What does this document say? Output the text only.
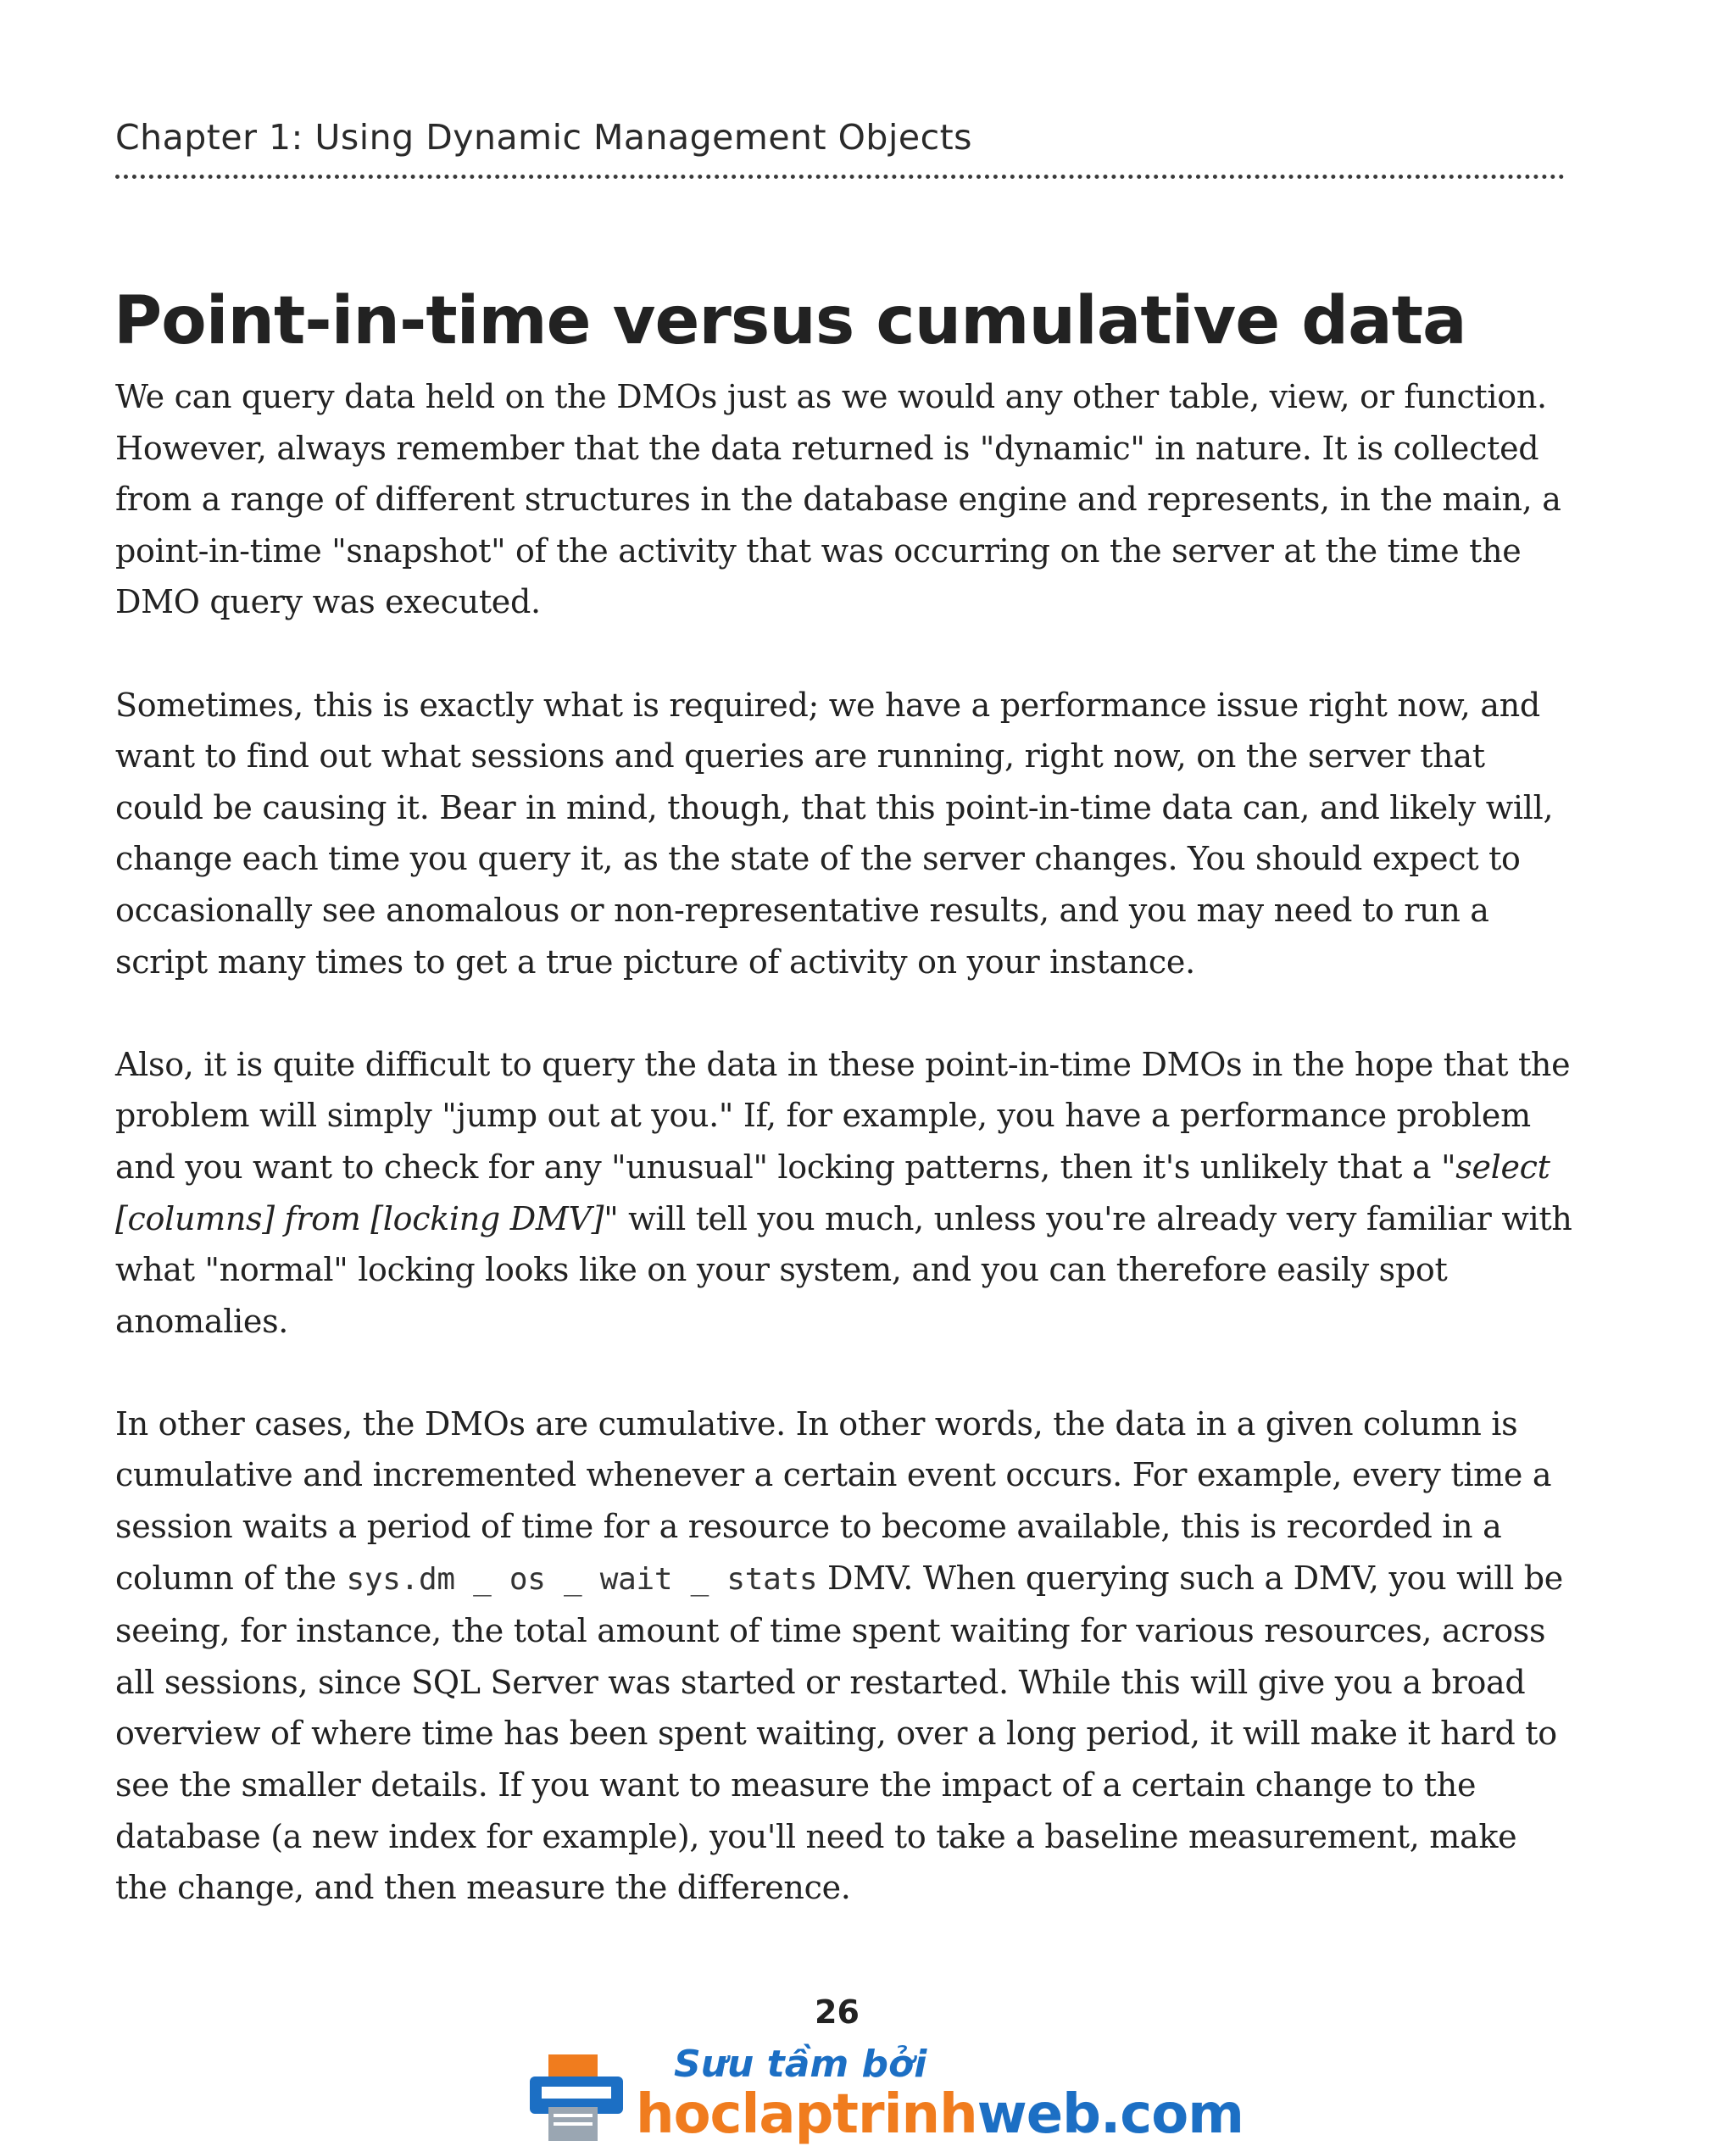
Chapter 1: Using Dynamic Management Objects
Point-in-time versus cumulative data

We can query data held on the DMOs just as we would any other table, view, or function. However, always remember that the data returned is "dynamic" in nature. It is collected from a range of different structures in the database engine and represents, in the main, a point-in-time "snapshot" of the activity that was occurring on the server at the time the DMO query was executed.

Sometimes, this is exactly what is required; we have a performance issue right now, and want to find out what sessions and queries are running, right now, on the server that could be causing it. Bear in mind, though, that this point-in-time data can, and likely will, change each time you query it, as the state of the server changes. You should expect to occasionally see anomalous or non-representative results, and you may need to run a script many times to get a true picture of activity on your instance.

Also, it is quite difficult to query the data in these point-in-time DMOs in the hope that the problem will simply "jump out at you." If, for example, you have a performance problem and you want to check for any "unusual" locking patterns, then it's unlikely that a "select [columns] from [locking DMV]" will tell you much, unless you're already very familiar with what "normal" locking looks like on your system, and you can therefore easily spot anomalies.

In other cases, the DMOs are cumulative. In other words, the data in a given column is cumulative and incremented whenever a certain event occurs. For example, every time a session waits a period of time for a resource to become available, this is recorded in a column of the sys.dm _ os _ wait _ stats DMV. When querying such a DMV, you will be seeing, for instance, the total amount of time spent waiting for various resources, across all sessions, since SQL Server was started or restarted. While this will give you a broad overview of where time has been spent waiting, over a long period, it will make it hard to see the smaller details. If you want to measure the impact of a certain change to the database (a new index for example), you'll need to take a baseline measurement, make the change, and then measure the difference.

26
Sưu tầm bởi
hoclaptrinhweb.com
